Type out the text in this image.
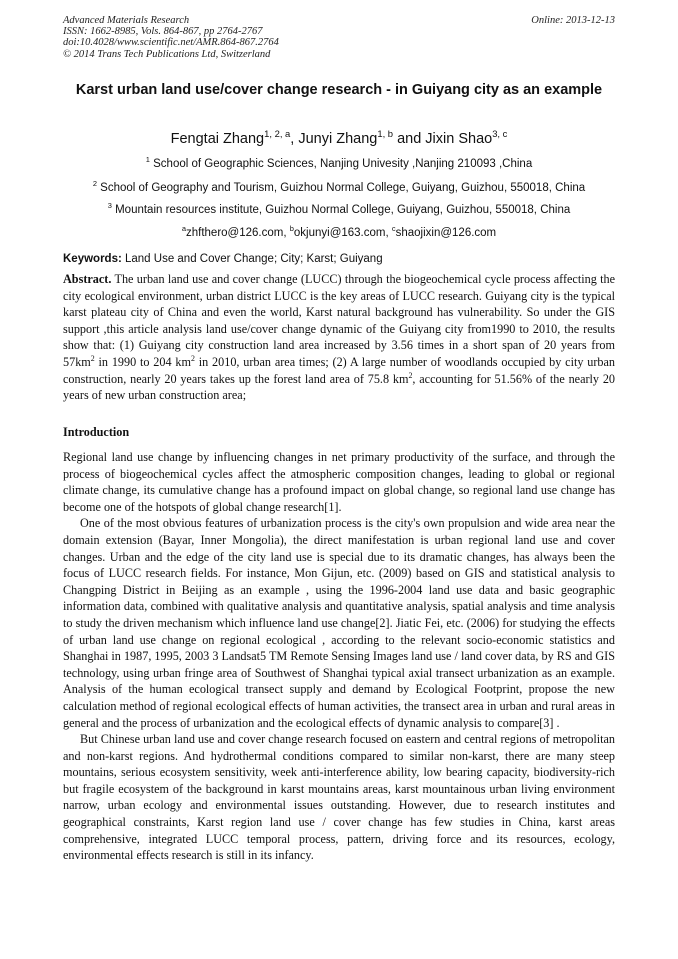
Advanced Materials Research
ISSN: 1662-8985, Vols. 864-867, pp 2764-2767
doi:10.4028/www.scientific.net/AMR.864-867.2764
© 2014 Trans Tech Publications Ltd, Switzerland
Online: 2013-12-13
Karst urban land use/cover change research - in Guiyang city as an example
Fengtai Zhang$^{1, 2, a}$, Junyi Zhang$^{1, b}$ and Jixin Shao$^{3, c}$
$^1$ School of Geographic Sciences, Nanjing Univesity ,Nanjing 210093 ,China
$^2$ School of Geography and Tourism, Guizhou Normal College, Guiyang, Guizhou, 550018, China
$^3$ Mountain resources institute, Guizhou Normal College, Guiyang, Guizhou, 550018, China
$^a$zhfthero@126.com, $^b$okjunyi@163.com, $^c$shaojixin@126.com
Keywords: Land Use and Cover Change; City; Karst; Guiyang
Abstract. The urban land use and cover change (LUCC) through the biogeochemical cycle process affecting the city ecological environment, urban district LUCC is the key areas of LUCC research. Guiyang city is the typical karst plateau city of China and even the world, Karst natural background has vulnerability. So under the GIS support ,this article analysis land use/cover change dynamic of the Guiyang city from1990 to 2010, the results show that: (1) Guiyang city construction land area increased by 3.56 times in a short span of 20 years from $57km^2$ in 1990 to 204 $km^2$ in 2010, urban area times; (2) A large number of woodlands occupied by city urban construction, nearly 20 years takes up the forest land area of 75.8 $km^2$, accounting for 51.56% of the nearly 20 years of new urban construction area;
Introduction

Regional land use change by influencing changes in net primary productivity of the surface, and through the process of biogeochemical cycles affect the atmospheric composition changes, leading to global or regional climate change, its cumulative change has a profound impact on global change, so regional land use change has become one of the hotspots of global change research[1].

One of the most obvious features of urbanization process is the city's own propulsion and wide area near the domain extension (Bayar, Inner Mongolia), the direct manifestation is urban regional land use and cover changes. Urban and the edge of the city land use is special due to its dramatic changes, has always been the focus of LUCC research fields. For instance, Mon Gijun, etc. (2009) based on GIS and statistical analysis to Changping District in Beijing as an example , using the 1996-2004 land use data and basic geographic information data, combined with qualitative analysis and quantitative analysis, spatial analysis and time analysis to study the driven mechanism which influence land use change[2]. Jiatic Fei, etc. (2006) for studying the effects of urban land use change on regional ecological , according to the relevant socio-economic statistics and Shanghai in 1987, 1995, 2003 3 Landsat5 TM Remote Sensing Images land use / land cover data, by RS and GIS technology, using urban fringe area of Southwest of Shanghai typical axial transect urbanization as an example. Analysis of the human ecological transect supply and demand by Ecological Footprint, propose the new calculation method of regional ecological effects of human activities, the transect area in urban and rural areas in general and the process of urbanization and the ecological effects of dynamic analysis to compare[3] .

But Chinese urban land use and cover change research focused on eastern and central regions of metropolitan and non-karst regions. And hydrothermal conditions compared to similar non-karst, there are many steep mountains, serious ecosystem sensitivity, week anti-interference ability, low bearing capacity, biodiversity-rich but fragile ecosystem of the background in karst mountains areas, karst mountainous urban living environment narrow, urban ecology and environmental issues outstanding. However, due to research institutes and geographical constraints, Karst region land use / cover change has few studies in China, karst areas comprehensive, integrated LUCC temporal process, pattern, driving force and its resources, ecology, environmental effects research is still in its infancy.
